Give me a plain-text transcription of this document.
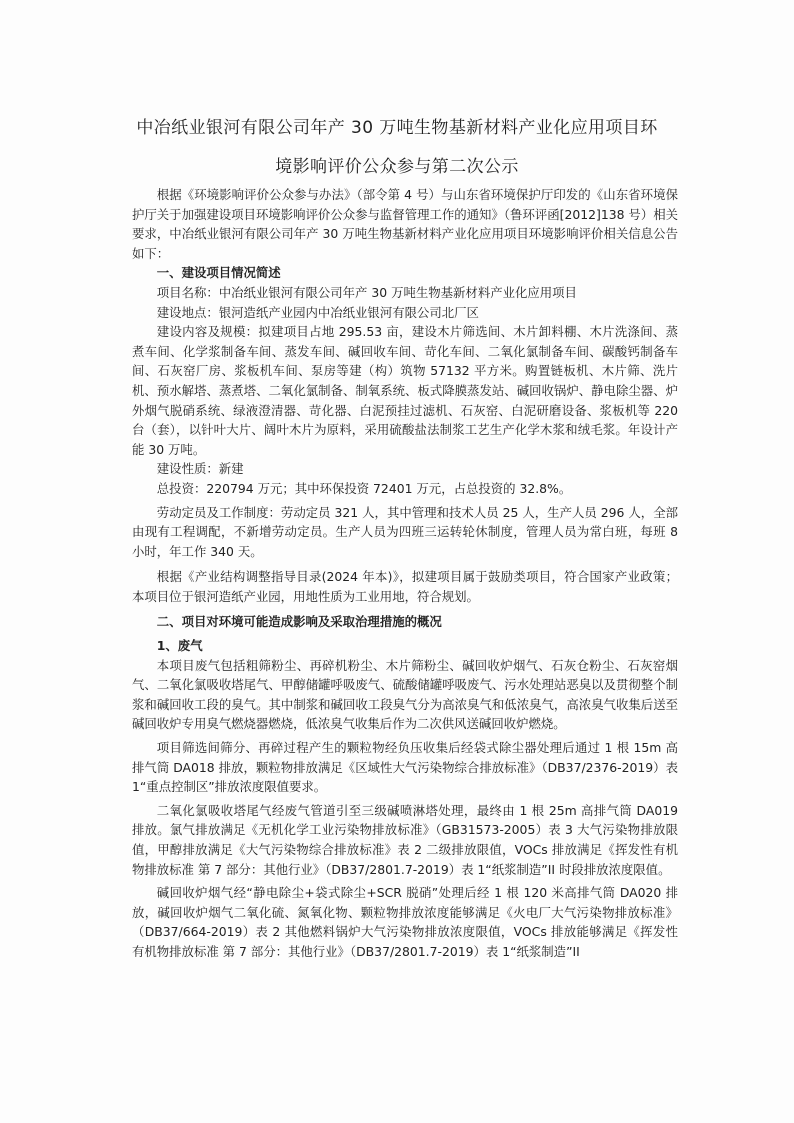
中冶纸业银河有限公司年产 30 万吨生物基新材料产业化应用项目环
境影响评价公众参与第二次公示

根据《环境影响评价公众参与办法》（部令第 4 号）与山东省环境保护厅印发的《山东省环境保护厅关于加强建设项目环境影响评价公众参与监督管理工作的通知》（鲁环评函[2012]138 号）相关要求，中冶纸业银河有限公司年产 30 万吨生物基新材料产业化应用项目环境影响评价相关信息公告如下：

一、建设项目情况简述

项目名称：中冶纸业银河有限公司年产 30 万吨生物基新材料产业化应用项目

建设地点：银河造纸产业园内中冶纸业银河有限公司北厂区

建设内容及规模：拟建项目占地 295.53 亩，建设木片筛选间、木片卸料棚、木片洗涤间、蒸煮车间、化学浆制备车间、蒸发车间、碱回收车间、苛化车间、二氧化氯制备车间、碳酸钙制备车间、石灰窑厂房、浆板机车间、泵房等建（构）筑物 57132 平方米。购置链板机、木片筛、洗片机、预水解塔、蒸煮塔、二氧化氯制备、制氧系统、板式降膜蒸发站、碱回收锅炉、静电除尘器、炉外烟气脱硝系统、绿液澄清器、苛化器、白泥预挂过滤机、石灰窑、白泥研磨设备、浆板机等 220 台（套），以针叶大片、阔叶木片为原料，采用硫酸盐法制浆工艺生产化学木浆和绒毛浆。年设计产能 30 万吨。

建设性质：新建

总投资：220794 万元；其中环保投资 72401 万元，占总投资的 32.8%。

劳动定员及工作制度：劳动定员 321 人，其中管理和技术人员 25 人，生产人员 296 人，全部由现有工程调配，不新增劳动定员。生产人员为四班三运转轮休制度，管理人员为常白班，每班 8 小时，年工作 340 天。

根据《产业结构调整指导目录(2024 年本)》，拟建项目属于鼓励类项目，符合国家产业政策；本项目位于银河造纸产业园，用地性质为工业用地，符合规划。

二、项目对环境可能造成影响及采取治理措施的概况

1、废气

本项目废气包括粗筛粉尘、再碎机粉尘、木片筛粉尘、碱回收炉烟气、石灰仓粉尘、石灰窑烟气、二氧化氯吸收塔尾气、甲醇储罐呼吸废气、硫酸储罐呼吸废气、污水处理站恶臭以及贯彻整个制浆和碱回收工段的臭气。其中制浆和碱回收工段臭气分为高浓臭气和低浓臭气，高浓臭气收集后送至碱回收炉专用臭气燃烧器燃烧，低浓臭气收集后作为二次供风送碱回收炉燃烧。

项目筛选间筛分、再碎过程产生的颗粒物经负压收集后经袋式除尘器处理后通过 1 根 15m 高排气筒 DA018 排放，颗粒物排放满足《区域性大气污染物综合排放标准》（DB37/2376-2019）表 1“重点控制区”排放浓度限值要求。

二氧化氯吸收塔尾气经废气管道引至三级碱喷淋塔处理，最终由 1 根 25m 高排气筒 DA019 排放。氯气排放满足《无机化学工业污染物排放标准》（GB31573-2005）表 3 大气污染物排放限值，甲醇排放满足《大气污染物综合排放标准》表 2 二级排放限值，VOCs 排放满足《挥发性有机物排放标准 第 7 部分：其他行业》（DB37/2801.7-2019）表 1“纸浆制造”II 时段排放浓度限值。

碱回收炉烟气经“静电除尘+袋式除尘+SCR 脱硝”处理后经 1 根 120 米高排气筒 DA020 排放，碱回收炉烟气二氧化硫、氮氧化物、颗粒物排放浓度能够满足《火电厂大气污染物排放标准》（DB37/664-2019）表 2 其他燃料锅炉大气污染物排放浓度限值，VOCs 排放能够满足《挥发性有机物排放标准 第 7 部分：其他行业》（DB37/2801.7-2019）表 1“纸浆制造”II
